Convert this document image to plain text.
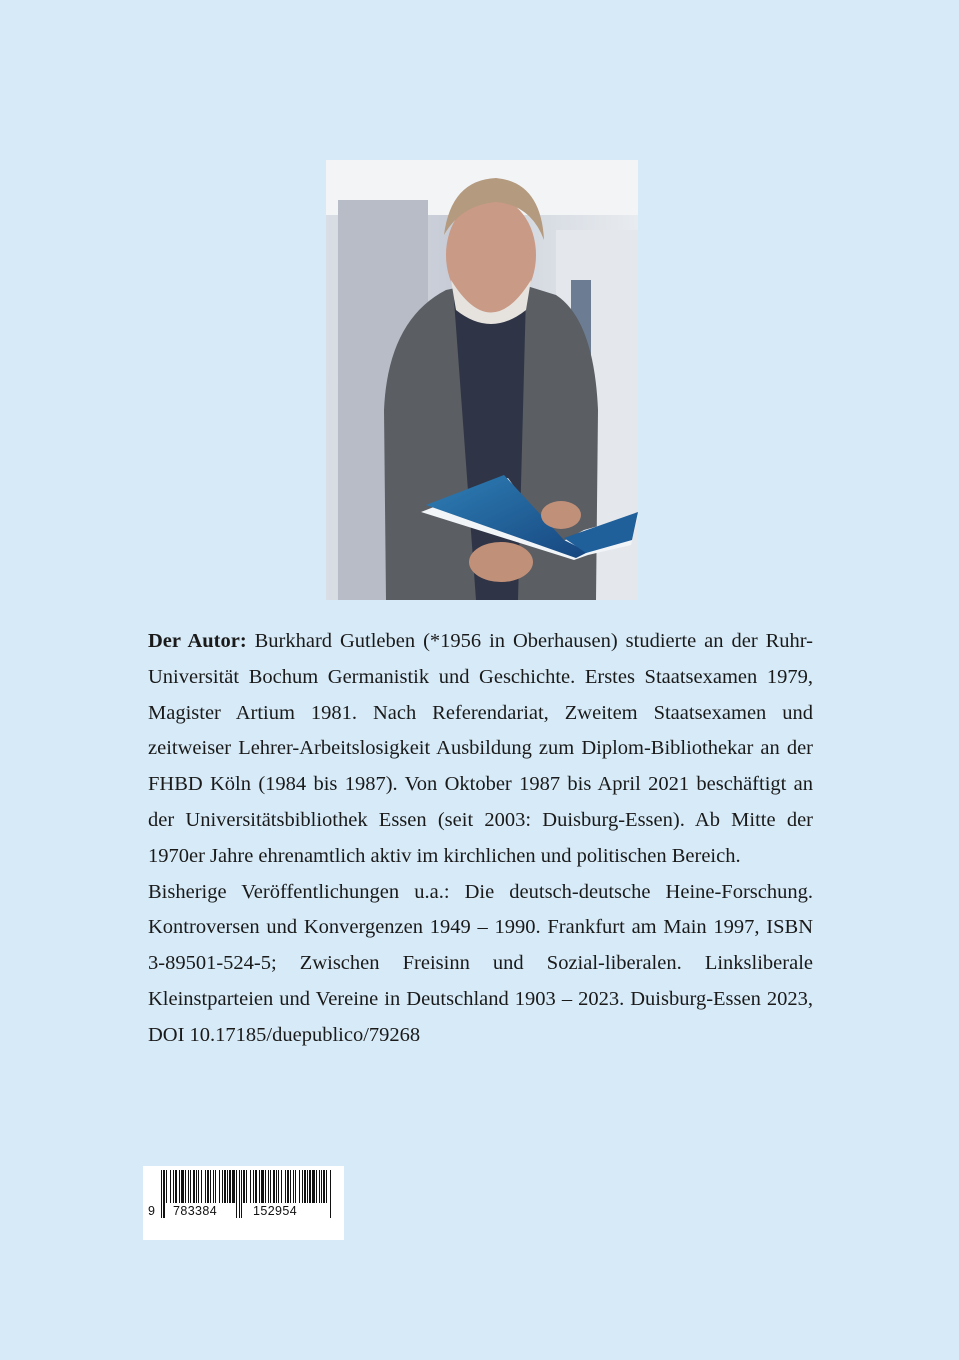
Der Autor: Burkhard Gutleben (*1956 in Oberhausen) studierte an der Ruhr-Universität Bochum Germanistik und Geschichte. Erstes Staatsexamen 1979, Magister Artium 1981. Nach Referendariat, Zweitem Staatsexamen und zeitweiser Lehrer-Arbeitslosigkeit Ausbildung zum Diplom-Bibliothekar an der FHBD Köln (1984 bis 1987). Von Oktober 1987 bis April 2021 beschäftigt an der Universitätsbibliothek Essen (seit 2003: Duisburg-Essen). Ab Mitte der 1970er Jahre ehrenamtlich aktiv im kirchlichen und politischen Bereich.

Bisherige Veröffentlichungen u.a.: Die deutsch-deutsche Heine-Forschung. Kontroversen und Konvergenzen 1949 – 1990. Frankfurt am Main 1997, ISBN 3-89501-524-5; Zwischen Freisinn und Sozial-liberalen. Linksliberale Kleinstparteien und Vereine in Deutschland 1903 – 2023. Duisburg-Essen 2023, DOI 10.17185/duepublico/79268

9 783384	152954
